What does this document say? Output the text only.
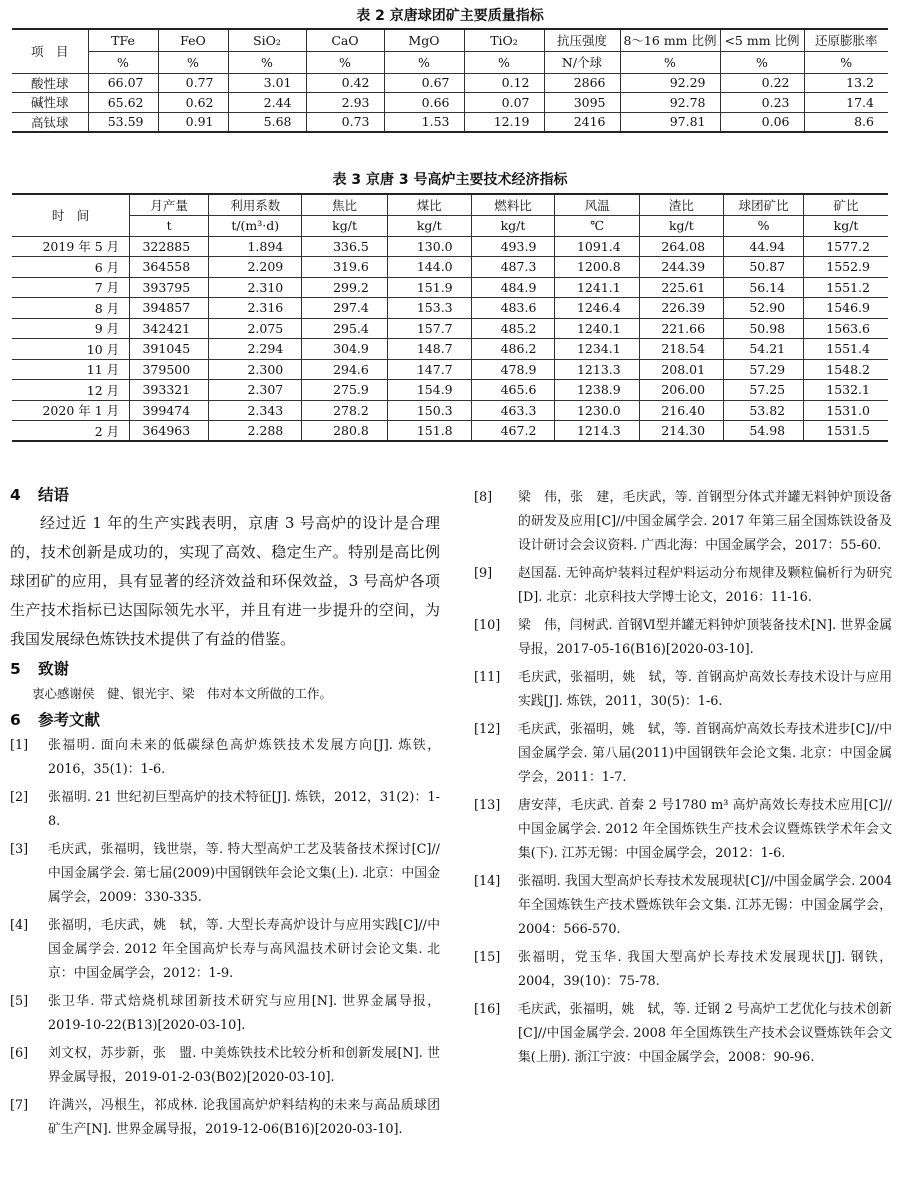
表 2 京唐球团矿主要质量指标
项　目	TFe	FeO	SiO₂	CaO	MgO	TiO₂	抗压强度	8～16 mm 比例	<5 mm 比例	还原膨胀率
	%	%	%	%	%	%	N/个球	%	%	%
酸性球	66.07	0.77	3.01	0.42	0.67	0.12	2866	92.29	0.22	13.2
碱性球	65.62	0.62	2.44	2.93	0.66	0.07	3095	92.78	0.23	17.4
高钛球	53.59	0.91	5.68	0.73	1.53	12.19	2416	97.81	0.06	8.6
表 3 京唐 3 号高炉主要技术经济指标
时　间	月产量	利用系数	焦比	煤比	燃料比	风温	渣比	球团矿比	矿比
	t	t/(m³·d)	kg/t	kg/t	kg/t	℃	kg/t	%	kg/t
2019 年 5 月	322885	1.894	336.5	130.0	493.9	1091.4	264.08	44.94	1577.2
6 月	364558	2.209	319.6	144.0	487.3	1200.8	244.39	50.87	1552.9
7 月	393795	2.310	299.2	151.9	484.9	1241.1	225.61	56.14	1551.2
8 月	394857	2.316	297.4	153.3	483.6	1246.4	226.39	52.90	1546.9
9 月	342421	2.075	295.4	157.7	485.2	1240.1	221.66	50.98	1563.6
10 月	391045	2.294	304.9	148.7	486.2	1234.1	218.54	54.21	1551.4
11 月	379500	2.300	294.6	147.7	478.9	1213.3	208.01	57.29	1548.2
12 月	393321	2.307	275.9	154.9	465.6	1238.9	206.00	57.25	1532.1
2020 年 1 月	399474	2.343	278.2	150.3	463.3	1230.0	216.40	53.82	1531.0
2 月	364963	2.288	280.8	151.8	467.2	1214.3	214.30	54.98	1531.5
4 结语

经过近 1 年的生产实践表明，京唐 3 号高炉的设计是合理的，技术创新是成功的，实现了高效、稳定生产。特别是高比例球团矿的应用，具有显著的经济效益和环保效益，3 号高炉各项生产技术指标已达国际领先水平，并且有进一步提升的空间，为我国发展绿色炼铁技术提供了有益的借鉴。

5 致谢

衷心感谢侯　健、银光宇、梁　伟对本文所做的工作。

6 参考文献
[1]	张福明. 面向未来的低碳绿色高炉炼铁技术发展方向[J]. 炼铁，2016，35(1)：1-6.
[2]	张福明. 21 世纪初巨型高炉的技术特征[J]. 炼铁，2012，31(2)：1-8.
[3]	毛庆武，张福明，钱世崇，等. 特大型高炉工艺及装备技术探讨[C]//中国金属学会. 第七届(2009)中国钢铁年会论文集(上). 北京：中国金属学会，2009：330-335.
[4]	张福明，毛庆武，姚　轼，等. 大型长寿高炉设计与应用实践[C]//中国金属学会. 2012 年全国高炉长寿与高风温技术研讨会论文集. 北京：中国金属学会，2012：1-9.
[5]	张卫华. 带式焙烧机球团新技术研究与应用[N]. 世界金属导报，2019-10-22(B13)[2020-03-10].
[6]	刘文权，苏步新，张　盟. 中美炼铁技术比较分析和创新发展[N]. 世界金属导报，2019-01-2-03(B02)[2020-03-10].
[7]	许满兴，冯根生，祁成林. 论我国高炉炉料结构的未来与高品质球团矿生产[N]. 世界金属导报，2019-12-06(B16)[2020-03-10].
[8]	梁　伟，张　建，毛庆武，等. 首钢型分体式并罐无料钟炉顶设备的研发及应用[C]//中国金属学会. 2017 年第三届全国炼铁设备及设计研讨会会议资料. 广西北海：中国金属学会，2017：55-60.
[9]	赵国磊. 无钟高炉装料过程炉料运动分布规律及颗粒偏析行为研究[D]. 北京：北京科技大学博士论文，2016：11-16.
[10]	梁　伟，闫树武. 首钢Ⅵ型并罐无料钟炉顶装备技术[N]. 世界金属导报，2017-05-16(B16)[2020-03-10].
[11]	毛庆武，张福明，姚　轼，等. 首钢高炉高效长寿技术设计与应用实践[J]. 炼铁，2011，30(5)：1-6.
[12]	毛庆武，张福明，姚　轼，等. 首钢高炉高效长寿技术进步[C]//中国金属学会. 第八届(2011)中国钢铁年会论文集. 北京：中国金属学会，2011：1-7.
[13]	唐安萍，毛庆武. 首秦 2 号1780 m³ 高炉高效长寿技术应用[C]//中国金属学会. 2012 年全国炼铁生产技术会议暨炼铁学术年会文集(下). 江苏无锡：中国金属学会，2012：1-6.
[14]	张福明. 我国大型高炉长寿技术发展现状[C]//中国金属学会. 2004 年全国炼铁生产技术暨炼铁年会文集. 江苏无锡：中国金属学会，2004：566-570.
[15]	张福明，党玉华. 我国大型高炉长寿技术发展现状[J]. 钢铁，2004，39(10)：75-78.
[16]	毛庆武，张福明，姚　轼，等. 迁钢 2 号高炉工艺优化与技术创新[C]//中国金属学会. 2008 年全国炼铁生产技术会议暨炼铁年会文集(上册). 浙江宁波：中国金属学会，2008：90-96.
